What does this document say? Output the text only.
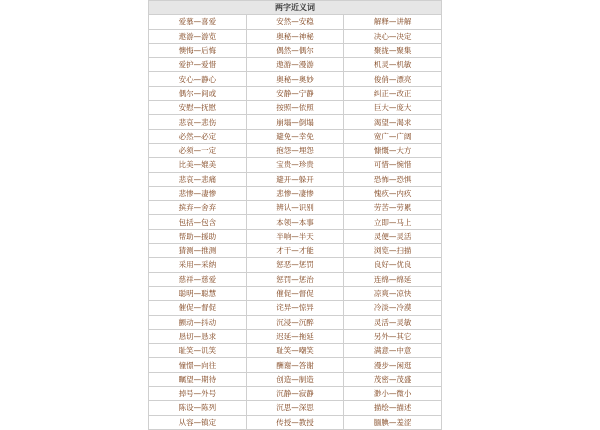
两字近义词		
爱慕—喜爱	安然—安稳	解释—讲解
遨游—游览	奥秘—神秘	决心—决定
懊悔—后悔	偶然—偶尔	聚拢—聚集
爱护—爱惜	遨游—漫游	机灵—机敏
安心—静心	奥秘—奥妙	俊俏—漂亮
偶尔—间或	安静—宁静	纠正—改正
安慰—抚慰	按照—依照	巨大—庞大
悲哀—悲伤	崩塌—倒塌	渴望—渴求
必然—必定	避免—幸免	宽广—广阔
必须—一定	抱怨—埋怨	慷慨—大方
比美—媲美	宝贵—珍贵	可惜—惋惜
悲哀—悲痛	避开—躲开	恐怖—恐惧
悲惨—凄惨	悲惨—凄惨	愧疚—内疚
摈弃—舍弃	辨认—识别	劳苦—劳累
包括—包含	本领—本事	立即—马上
帮助—援助	半响—半天	灵便—灵活
猜测—推测	才干—才能	浏览—扫描
采用—采纳	惩恶—惩罚	良好—优良
慈祥—慈爱	惩罚—惩治	连绵—绵延
聪明—聪慧	催促—督促	凉爽—凉快
催促—督促	诧异—惊异	冷淡—冷漠
颤动—抖动	沉浸—沉醉	灵活—灵敏
恳切—恳求	迟延—拖延	另外—其它
耻笑—讥笑	耻笑—嘲笑	满意—中意
憧憬—向往	酬谢—答谢	漫步—闲逛
瞩望—期待	创造—制造	茂密—茂盛
掉号—外号	沉静—寂静	渺小—微小
陈设—陈列	沉思—深思	描绘—描述
从容—镇定	传授—教授	腼腆—羞涩
